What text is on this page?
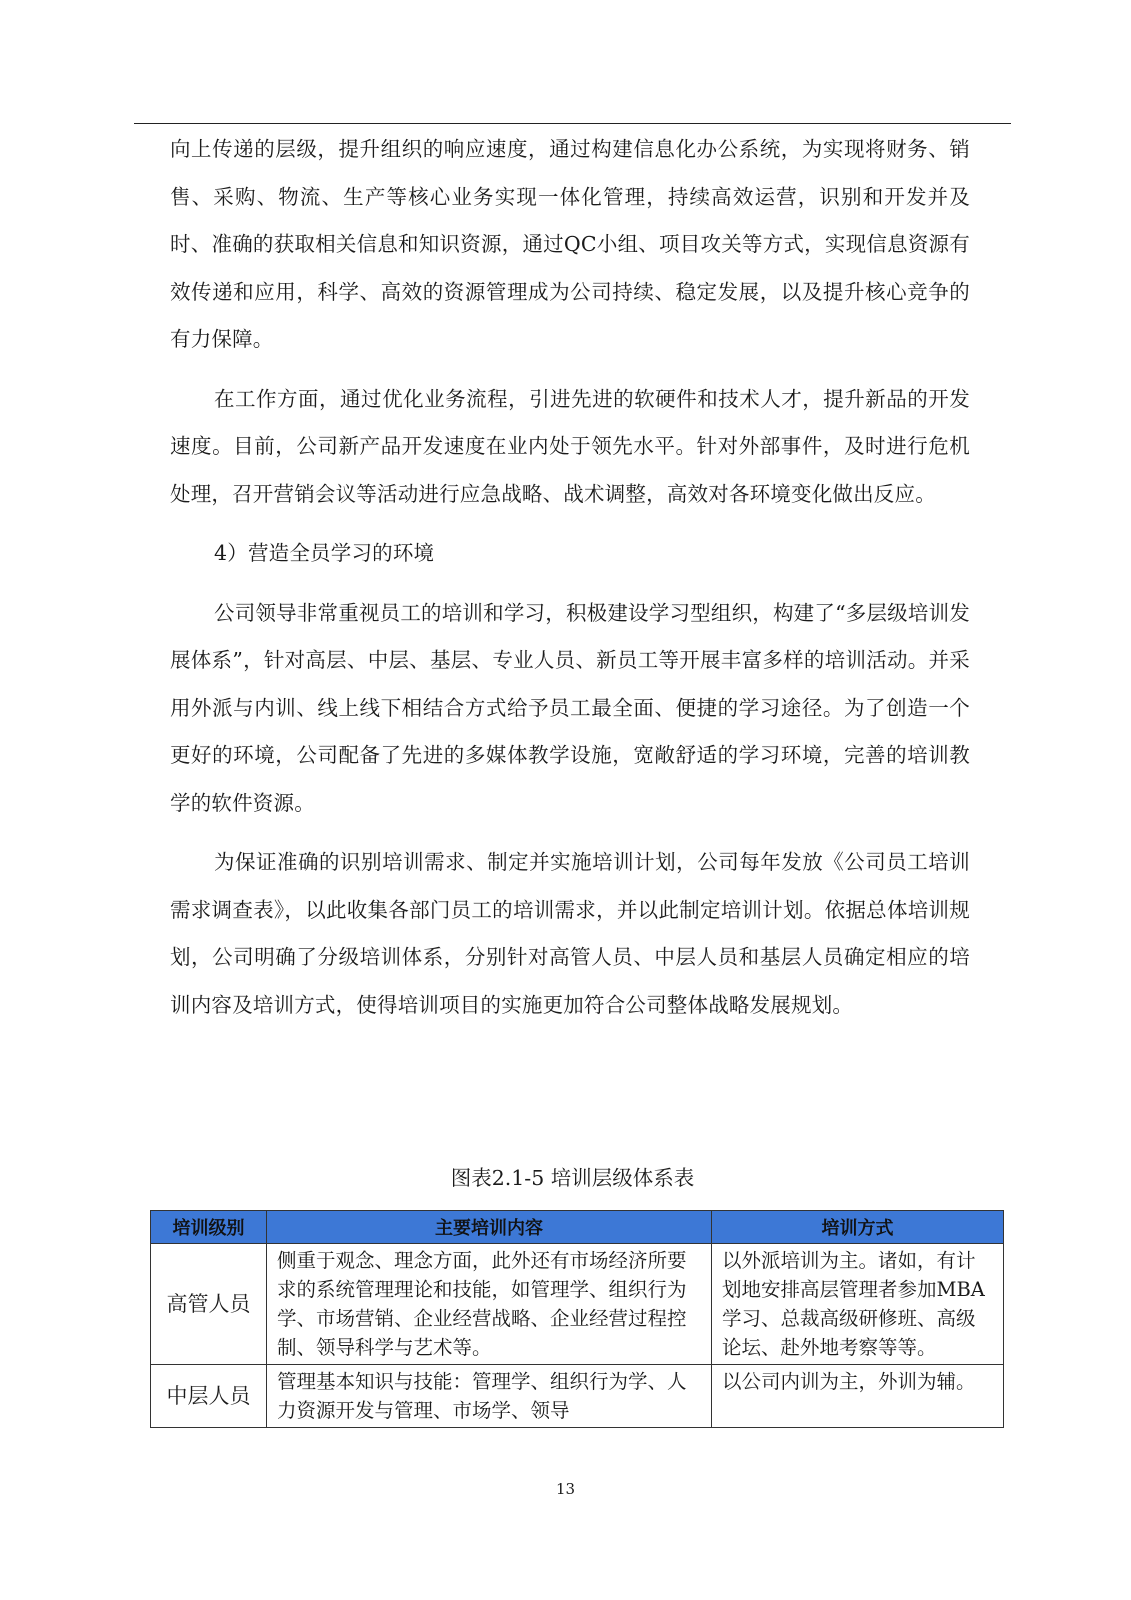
向上传递的层级，提升组织的响应速度，通过构建信息化办公系统，为实现将财务、销售、采购、物流、生产等核心业务实现一体化管理，持续高效运营，识别和开发并及时、准确的获取相关信息和知识资源，通过QC小组、项目攻关等方式，实现信息资源有效传递和应用，科学、高效的资源管理成为公司持续、稳定发展，以及提升核心竞争的有力保障。

在工作方面，通过优化业务流程，引进先进的软硬件和技术人才，提升新品的开发速度。目前，公司新产品开发速度在业内处于领先水平。针对外部事件，及时进行危机处理，召开营销会议等活动进行应急战略、战术调整，高效对各环境变化做出反应。

4）营造全员学习的环境

公司领导非常重视员工的培训和学习，积极建设学习型组织，构建了“多层级培训发展体系”，针对高层、中层、基层、专业人员、新员工等开展丰富多样的培训活动。并采用外派与内训、线上线下相结合方式给予员工最全面、便捷的学习途径。为了创造一个更好的环境，公司配备了先进的多媒体教学设施，宽敞舒适的学习环境，完善的培训教学的软件资源。

为保证准确的识别培训需求、制定并实施培训计划，公司每年发放《公司员工培训需求调查表》，以此收集各部门员工的培训需求，并以此制定培训计划。依据总体培训规划，公司明确了分级培训体系，分别针对高管人员、中层人员和基层人员确定相应的培训内容及培训方式，使得培训项目的实施更加符合公司整体战略发展规划。

图表2.1-5 培训层级体系表
培训级别	主要培训内容	培训方式
高管人员	侧重于观念、理念方面，此外还有市场经济所要求的系统管理理论和技能，如管理学、组织行为学、市场营销、企业经营战略、企业经营过程控制、领导科学与艺术等。	以外派培训为主。诸如，有计划地安排高层管理者参加MBA学习、总裁高级研修班、高级论坛、赴外地考察等等。
中层人员	管理基本知识与技能：管理学、组织行为学、人力资源开发与管理、市场学、领导	以公司内训为主，外训为辅。
13
